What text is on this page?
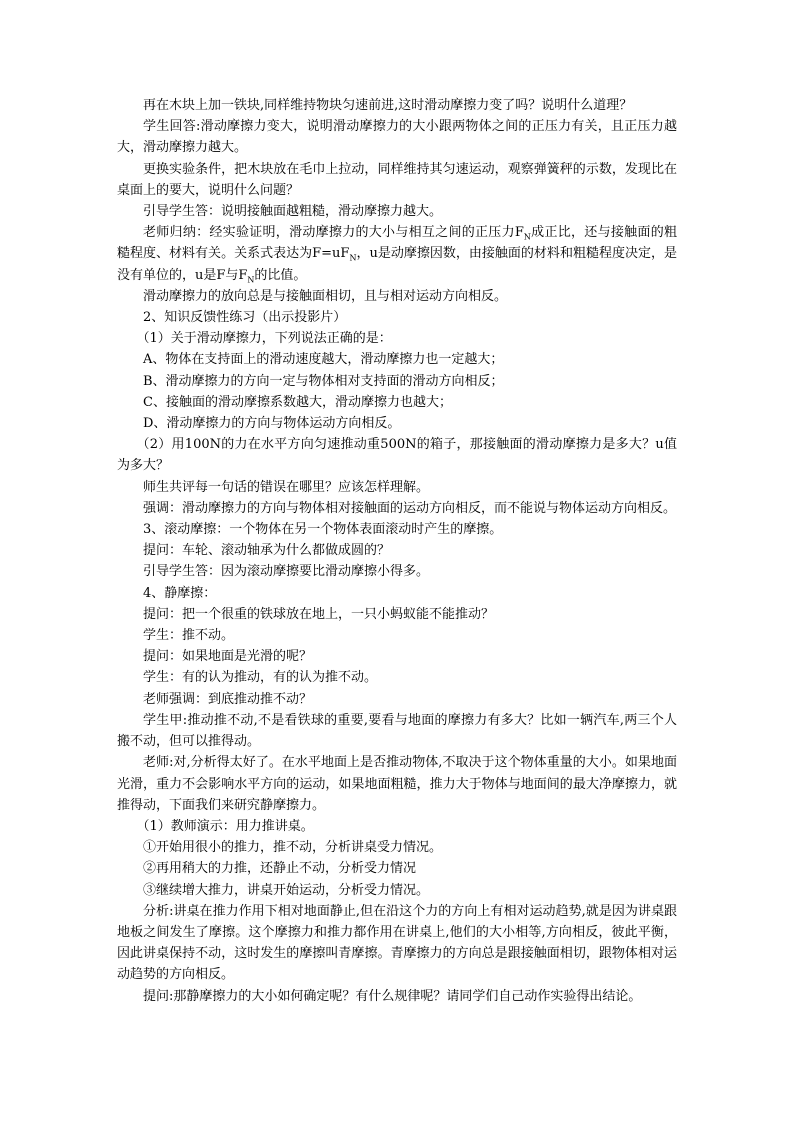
再在木块上加一铁块,同样维持物块匀速前进,这时滑动摩擦力变了吗？说明什么道理？

学生回答:滑动摩擦力变大，说明滑动摩擦力的大小跟两物体之间的正压力有关，且正压力越大，滑动摩擦力越大。

更换实验条件，把木块放在毛巾上拉动，同样维持其匀速运动，观察弹簧秤的示数，发现比在桌面上的要大，说明什么问题？

引导学生答：说明接触面越粗糙，滑动摩擦力越大。

老师归纳：经实验证明，滑动摩擦力的大小与相互之间的正压力$F_N$成正比，还与接触面的粗糙程度、材料有关。关系式表达为$F=uF_N$，u是动摩擦因数，由接触面的材料和粗糙程度决定，是没有单位的，u是F与$F_N$的比值。

滑动摩擦力的放向总是与接触面相切，且与相对运动方向相反。

2、知识反馈性练习（出示投影片）

（1）关于滑动摩擦力，下列说法正确的是：

A、物体在支持面上的滑动速度越大，滑动摩擦力也一定越大；

B、滑动摩擦力的方向一定与物体相对支持面的滑动方向相反；

C、接触面的滑动摩擦系数越大，滑动摩擦力也越大；

D、滑动摩擦力的方向与物体运动方向相反。

（2）用100N的力在水平方向匀速推动重500N的箱子，那接触面的滑动摩擦力是多大？u值为多大？

师生共评每一句话的错误在哪里？应该怎样理解。

强调：滑动摩擦力的方向与物体相对接触面的运动方向相反，而不能说与物体运动方向相反。

3、滚动摩擦：一个物体在另一个物体表面滚动时产生的摩擦。

提问：车轮、滚动轴承为什么都做成圆的？

引导学生答：因为滚动摩擦要比滑动摩擦小得多。

4、静摩擦：

提问：把一个很重的铁球放在地上，一只小蚂蚁能不能推动？

学生：推不动。

提问：如果地面是光滑的呢？

学生：有的认为推动，有的认为推不动。

老师强调：到底推动推不动？

学生甲:推动推不动,不是看铁球的重要,要看与地面的摩擦力有多大？比如一辆汽车,两三个人搬不动，但可以推得动。

老师:对,分析得太好了。在水平地面上是否推动物体,不取决于这个物体重量的大小。如果地面光滑，重力不会影响水平方向的运动，如果地面粗糙，推力大于物体与地面间的最大净摩擦力，就推得动，下面我们来研究静摩擦力。

（1）教师演示：用力推讲桌。

①开始用很小的推力，推不动，分析讲桌受力情况。

②再用稍大的力推，还静止不动，分析受力情况

③继续增大推力，讲桌开始运动，分析受力情况。

分析:讲桌在推力作用下相对地面静止,但在沿这个力的方向上有相对运动趋势,就是因为讲桌跟地板之间发生了摩擦。这个摩擦力和推力都作用在讲桌上,他们的大小相等,方向相反，彼此平衡，因此讲桌保持不动，这时发生的摩擦叫青摩擦。青摩擦力的方向总是跟接触面相切，跟物体相对运动趋势的方向相反。

提问:那静摩擦力的大小如何确定呢？有什么规律呢？请同学们自己动作实验得出结论。
